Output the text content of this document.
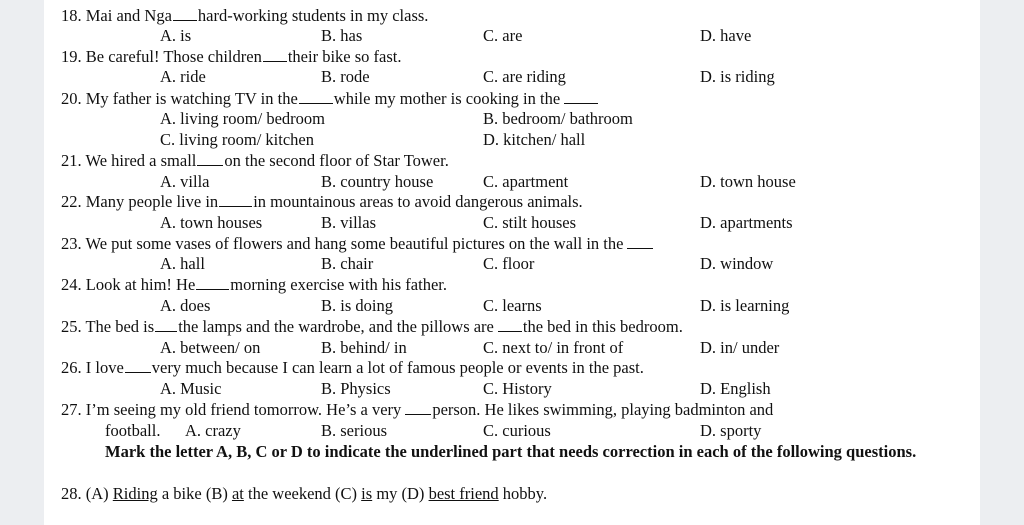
18. Mai and Nga hard-working students in my class.
A. is	B. has	C. are	D. have
19. Be careful! Those children their bike so fast.
A. ride	B. rode	C. are riding	D. is riding
20. My father is watching TV in the while my mother is cooking in the
A. living room/ bedroom	B. bedroom/ bathroom
C. living room/ kitchen	D. kitchen/ hall
21. We hired a small on the second floor of Star Tower.
A. villa	B. country house	C. apartment	D. town house
22. Many people live in in mountainous areas to avoid dangerous animals.
A. town houses	B. villas	C. stilt houses	D. apartments
23. We put some vases of flowers and hang some beautiful pictures on the wall in the
A. hall	B. chair	C. floor	D. window
24. Look at him! He morning exercise with his father.
A. does	B. is doing	C. learns	D. is learning
25. The bed is the lamps and the wardrobe, and the pillows are the bed in this bedroom.
A. between/ on	B. behind/ in	C. next to/ in front of	D. in/ under
26. I love very much because I can learn a lot of famous people or events in the past.
A. Music	B. Physics	C. History	D. English
27. I’m seeing my old friend tomorrow. He’s a very person. He likes swimming, playing badminton and
football. A. crazy	B. serious	C. curious	D. sporty
Mark the letter A, B, C or D to indicate the underlined part that needs correction in each of the following questions.
28. (A) Riding a bike (B) at the weekend (C) is my (D) best friend hobby.
